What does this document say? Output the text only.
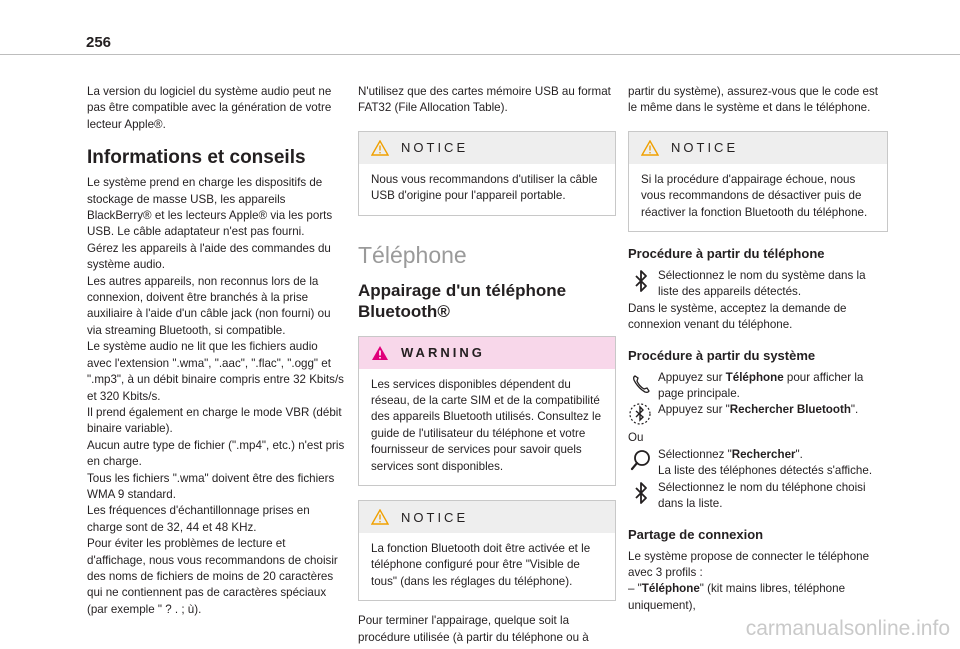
256

La version du logiciel du système audio peut ne pas être compatible avec la génération de votre lecteur Apple®.

Informations et conseils

Le système prend en charge les dispositifs de stockage de masse USB, les appareils BlackBerry® et les lecteurs Apple® via les ports USB. Le câble adaptateur n'est pas fourni.

Gérez les appareils à l'aide des commandes du système audio.

Les autres appareils, non reconnus lors de la connexion, doivent être branchés à la prise auxiliaire à l'aide d'un câble jack (non fourni) ou via streaming Bluetooth, si compatible.

Le système audio ne lit que les fichiers audio avec l'extension ".wma", ".aac", ".flac", ".ogg" et ".mp3", à un débit binaire compris entre 32 Kbits/s et 320 Kbits/s.

Il prend également en charge le mode VBR (débit binaire variable).

Aucun autre type de fichier (".mp4", etc.) n'est pris en charge.

Tous les fichiers ".wma" doivent être des fichiers WMA 9 standard.

Les fréquences d'échantillonnage prises en charge sont de 32, 44 et 48 KHz.

Pour éviter les problèmes de lecture et d'affichage, nous vous recommandons de choisir des noms de fichiers de moins de 20 caractères qui ne contiennent pas de caractères spéciaux (par exemple " ? . ; ù).

N'utilisez que des cartes mémoire USB au format FAT32 (File Allocation Table).

NOTICE

Nous vous recommandons d'utiliser la câble USB d'origine pour l'appareil portable.

Téléphone
Appairage d'un téléphone Bluetooth®
WARNING

Les services disponibles dépendent du réseau, de la carte SIM et de la compatibilité des appareils Bluetooth utilisés. Consultez le guide de l'utilisateur du téléphone et votre fournisseur de services pour savoir quels services sont disponibles.

NOTICE

La fonction Bluetooth doit être activée et le téléphone configuré pour être "Visible de tous" (dans les réglages du téléphone).

Pour terminer l'appairage, quelque soit la procédure utilisée (à partir du téléphone ou à

partir du système), assurez-vous que le code est le même dans le système et dans le téléphone.

NOTICE

Si la procédure d'appairage échoue, nous vous recommandons de désactiver puis de réactiver la fonction Bluetooth du téléphone.

Procédure à partir du téléphone

Sélectionnez le nom du système dans la liste des appareils détectés.

Dans le système, acceptez la demande de connexion venant du téléphone.

Procédure à partir du système

Appuyez sur Téléphone pour afficher la page principale.

Appuyez sur "Rechercher Bluetooth".

Ou

Sélectionnez "Rechercher".

La liste des téléphones détectés s'affiche.

Sélectionnez le nom du téléphone choisi dans la liste.

Partage de connexion

Le système propose de connecter le téléphone avec 3 profils :

– "Téléphone" (kit mains libres, téléphone uniquement),

carmanualsonline.info
